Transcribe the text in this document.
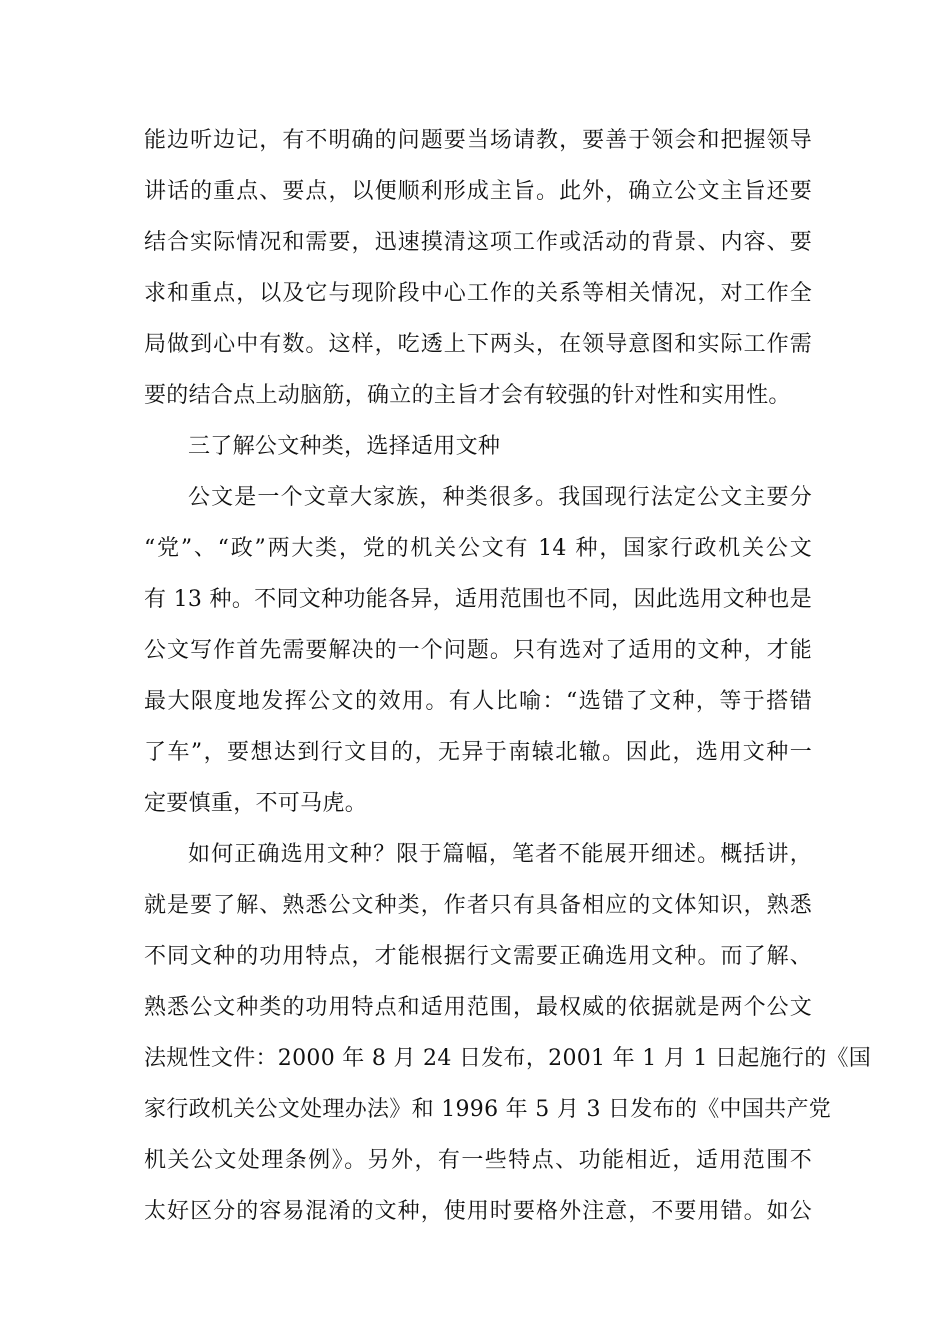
能边听边记，有不明确的问题要当场请教，要善于领会和把握领导
讲话的重点、要点，以便顺利形成主旨。此外，确立公文主旨还要
结合实际情况和需要，迅速摸清这项工作或活动的背景、内容、要
求和重点，以及它与现阶段中心工作的关系等相关情况，对工作全
局做到心中有数。这样，吃透上下两头，在领导意图和实际工作需
要的结合点上动脑筋，确立的主旨才会有较强的针对性和实用性。
三了解公文种类，选择适用文种
公文是一个文章大家族，种类很多。我国现行法定公文主要分
“党”、“政”两大类，党的机关公文有 14 种，国家行政机关公文
有 13 种。不同文种功能各异，适用范围也不同，因此选用文种也是
公文写作首先需要解决的一个问题。只有选对了适用的文种，才能
最大限度地发挥公文的效用。有人比喻：“选错了文种，等于搭错
了车”，要想达到行文目的，无异于南辕北辙。因此，选用文种一
定要慎重，不可马虎。
如何正确选用文种？限于篇幅，笔者不能展开细述。概括讲，
就是要了解、熟悉公文种类，作者只有具备相应的文体知识，熟悉
不同文种的功用特点，才能根据行文需要正确选用文种。而了解、
熟悉公文种类的功用特点和适用范围，最权威的依据就是两个公文
法规性文件：2000 年 8 月 24 日发布，2001 年 1 月 1 日起施行的《国
家行政机关公文处理办法》和 1996 年 5 月 3 日发布的《中国共产党
机关公文处理条例》。另外，有一些特点、功能相近，适用范围不
太好区分的容易混淆的文种，使用时要格外注意，不要用错。如公
